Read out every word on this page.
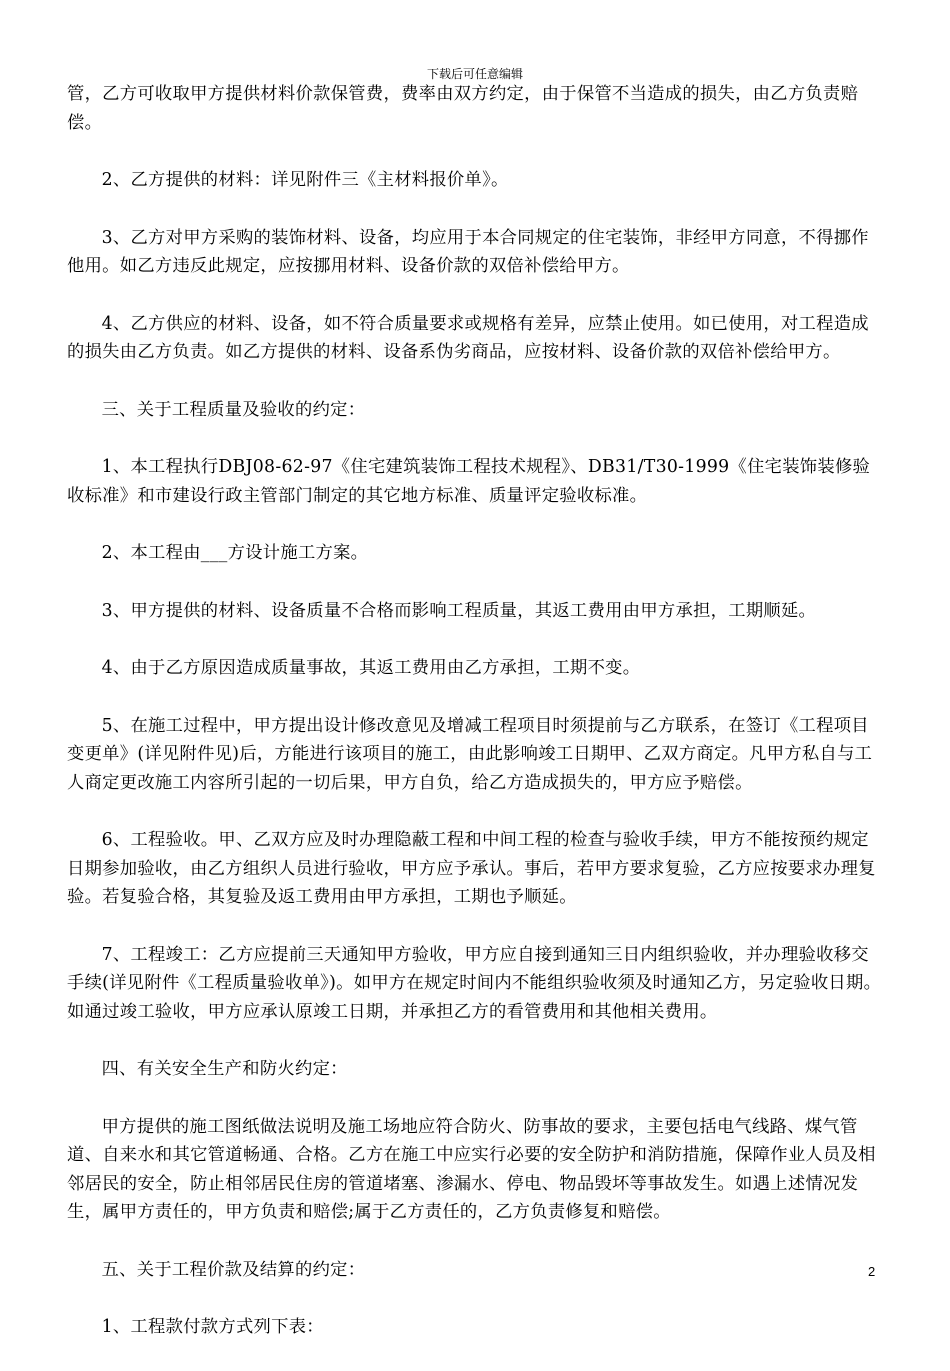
下载后可任意编辑

管，乙方可收取甲方提供材料价款保管费，费率由双方约定，由于保管不当造成的损失，由乙方负责赔偿。

2、乙方提供的材料：详见附件三《主材料报价单》。

3、乙方对甲方采购的装饰材料、设备，均应用于本合同规定的住宅装饰，非经甲方同意，不得挪作他用。如乙方违反此规定，应按挪用材料、设备价款的双倍补偿给甲方。

4、乙方供应的材料、设备，如不符合质量要求或规格有差异，应禁止使用。如已使用，对工程造成的损失由乙方负责。如乙方提供的材料、设备系伪劣商品，应按材料、设备价款的双倍补偿给甲方。

三、关于工程质量及验收的约定：

1、本工程执行DBJ08-62-97《住宅建筑装饰工程技术规程》、DB31/T30-1999《住宅装饰装修验收标准》和市建设行政主管部门制定的其它地方标准、质量评定验收标准。

2、本工程由___方设计施工方案。

3、甲方提供的材料、设备质量不合格而影响工程质量，其返工费用由甲方承担，工期顺延。

4、由于乙方原因造成质量事故，其返工费用由乙方承担，工期不变。

5、在施工过程中，甲方提出设计修改意见及增减工程项目时须提前与乙方联系，在签订《工程项目变更单》(详见附件见)后，方能进行该项目的施工，由此影响竣工日期甲、乙双方商定。凡甲方私自与工人商定更改施工内容所引起的一切后果，甲方自负，给乙方造成损失的，甲方应予赔偿。

6、工程验收。甲、乙双方应及时办理隐蔽工程和中间工程的检查与验收手续，甲方不能按预约规定日期参加验收，由乙方组织人员进行验收，甲方应予承认。事后，若甲方要求复验，乙方应按要求办理复验。若复验合格，其复验及返工费用由甲方承担，工期也予顺延。

7、工程竣工：乙方应提前三天通知甲方验收，甲方应自接到通知三日内组织验收，并办理验收移交手续(详见附件《工程质量验收单》)。如甲方在规定时间内不能组织验收须及时通知乙方，另定验收日期。如通过竣工验收，甲方应承认原竣工日期，并承担乙方的看管费用和其他相关费用。

四、有关安全生产和防火约定：

甲方提供的施工图纸做法说明及施工场地应符合防火、防事故的要求，主要包括电气线路、煤气管道、自来水和其它管道畅通、合格。乙方在施工中应实行必要的安全防护和消防措施，保障作业人员及相邻居民的安全，防止相邻居民住房的管道堵塞、渗漏水、停电、物品毁坏等事故发生。如遇上述情况发生，属甲方责任的，甲方负责和赔偿;属于乙方责任的，乙方负责修复和赔偿。

五、关于工程价款及结算的约定：

1、工程款付款方式列下表：

2
